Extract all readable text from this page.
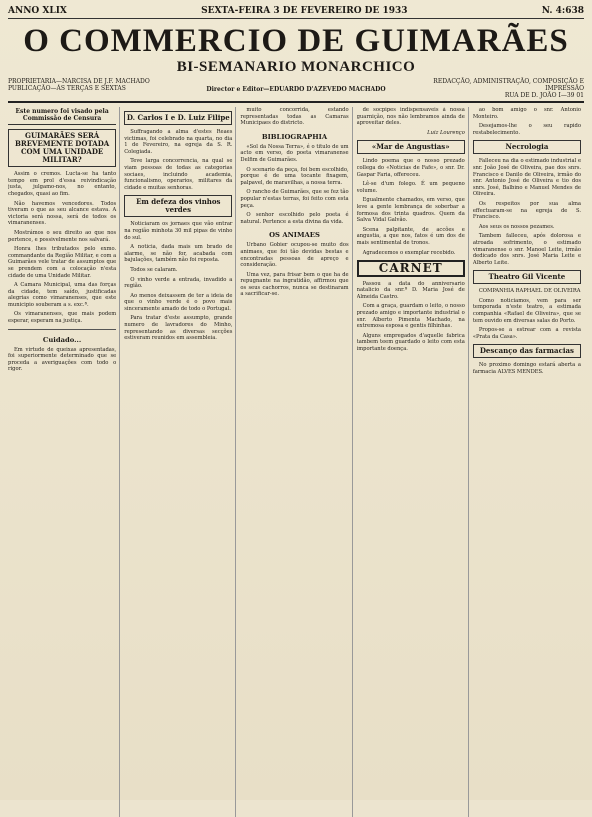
ANNO XLIX	SEXTA-FEIRA 3 DE FEVEREIRO DE 1933	N. 4:638
O COMMERCIO DE GUIMARÃES
BI-SEMANARIO MONARCHICO
PROPRIETARIA—NARCISA DE J.F. MACHADO
PUBLICAÇÃO—ÁS TERÇAS E SEXTAS	Director e Editor—EDUARDO D'AZEVEDO MACHADO
REDACÇÃO, ADMINISTRAÇÃO, COMPOSIÇÃO E IMPRESSÃO
RUA DE D. JOÃO I—39 01
Este numero foi visado pela Commissão de Censura
GUIMARÃES SERÁ BREVEMENTE DOTADA COM UMA UNIDADE MILITAR?

Assim o cremos. Lucta-se ha tanto tempo em prol d'essa reivindicação justa, julgamo-nos, no entanto, chegados, quasi ao fim.

Não havemos vencedores. Todos tiveram o que as seu alcance estava. A victoria será nossa, será de todos os vimaranenses.

Mostrámos o seu direito ao que nos pertence, e possivelmente nos salvará.

Honra lhes tributados pelo exmo. commandante da Região Militar, e com a Guimarães vele tratar de assumptos que se prendem com a colocação n'esta cidade de uma Unidade Militar.

A Camara Municipal, uma das forças da cidade, tem saído, justificadas alegrias como vimaranenses, que este municipio souberam a s. exc.ª.

Os vimaranenses, que mais podem esperar, esperam na justiça.

Cuidado...

Em virtude de queixas apresentadas, foi superiormente determinado que se proceda a averiguações com todo o rigor.

D. Carlos I e D. Luiz Filipe

Suffragando a alma d'estes Reaes victimas, foi celebrado na quarta, no dia 1 de Fevereiro, na egreja da S. R. Colegiada.

Teve larga concorrencia, na qual se viam pessoas de todas as categorias sociaes, incluindo academia, funcionalismo, operarios, militares da cidade e muitas senhoras.

Em defeza dos vinhos verdes

Noticiaram os jornaes que vão entrar na região minhota 30 mil pipas de vinho do sul.

A noticia, dada mais um brado de alarme, se não for, acabada com bajulações, também não foi reposta.

Todos se calaram.

O vinho verde a entrada, invadido a região.

Ao menos deixassem de ter a ideia de que o vinho verde é o povo mais sinceramente amado de todo o Portugal.

Para tratar d'este assumpto, grande numero de lavradores do Minho, representando as diversas secções estiveram reunidos em assembleia.

muito concorrida, estando representadas todas as Camaras Municipaes do districto.

BIBLIOGRAPHIA

«Sol da Nossa Terra», é o titulo de um acto em verso, do poeta vimaranense Delfim de Guimarães.

O scenario da peça, foi bem escolhido, porque é de uma tocante fixagem, palpavel, de maravilhas, a nossa terra.

O rancho de Guimarães, que se fez tão popular n'estas terras, foi feito com esta peça.

O senhor escolhido pelo poeta é natural. Pertence a esta divina da vida.

OS ANIMAES

Urbano Gobier ocupou-se muito dos animaes, que foi tão devidas bestas e encontradas pessoas de apreço e consideração.

Uma vez, para frisar bem o que ha de repugnante na ingratidão, affirmou que os seus cachorros, nunca se destinaram a sacrificar-se.

de socpipes indispensaveis á nossa guarnição, nos não lembramos ainda de aproveitar deles.

Luiz Lourenço

«Mar de Angustias»

Lindo poema que o nosso prezado collega do «Noticias de Fafe», o snr. Dr. Gaspar Faria, offereceu.

Lê-se d'um folego. É um pequeno volume.

Egualmente chamados, em verso, que leve a gente lembrança de soberbar a formosa dos trinta quadros. Quem da Salva Vidal Galvão.

Scena palpitante, de accões e angustia, a que nos, fatos é um dos de mais sentimental de tronos.

Agradecemos o exemplar recebido.

CARNET

Passou a data do anniversario natalicio da snr.ª D. Maria José de Almeida Castro.

Com a graça, guardam o leito, o nosso prezado amigo e importante industrial o snr. Alberto Pimenta Machado, na extremosa esposa e gentis filhinhas.

Alguns empregados d'aquelle fabrica tambem teem guardado o leito com esta importante doença.

ao bom amigo o snr. Antonio Monteiro.

Desejamos-lhe o seu rapido restabelecimento.

Necrologia

Falleceu na dia o estimado industrial e snr. João José de Oliveira, pae dos snrs. Francisco e Danilo de Oliveira, irmão do snr. Antonio José de Oliveira e tio dos snrs. José, Balbino e Manuel Mendes de Oliveira.

Os respeitos por sua alma effectuaram-se na egreja de S. Francisco.

Aos seus os nossos pezames.

Tambem falleceu, após dolorosa e atroada sofrimento, o estimado vimaranense o snr. Manoel Leite, irmão dedicado dos snrs. José Maria Leite e Alberto Leite.

Theatro Gil Vicente

COMPANHIA RAPHAEL DE OLIVEIRA

Como noticiamos, vem para ser temporada n'este teatro, a estimada companhia «Rafael de Oliveira», que se tem ouvido em diversas salas do Porto.

Propos-se a estrear com a revista «Prata da Casa».

Descanço das farmacias

No proximo domingo estará aberta a farmacia ALVES MENDES.
